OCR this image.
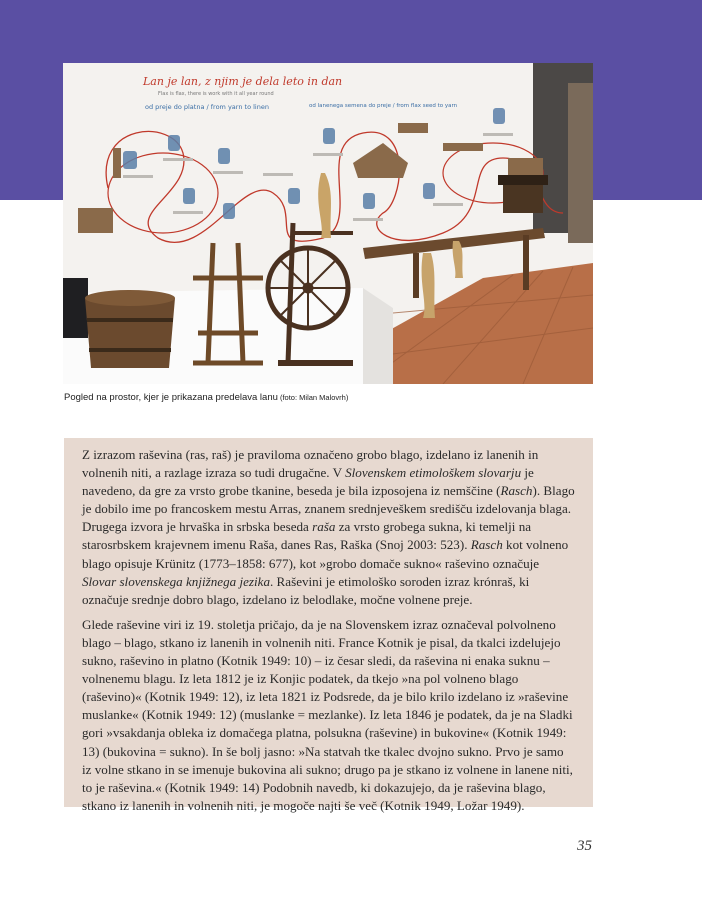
Lan je lan, z njim je dela leto in dan
Flax is flax, there is work with it all year round
od preje do platna / from yarn to linen	od lanenega semena do preje / from flax seed to yarn
Pogled na prostor, kjer je prikazana predelava lanu (foto: Milan Malovrh)

Z izrazom raševina (ras, raš) je praviloma označeno grobo blago, izdelano iz lanenih in volnenih niti, a razlage izraza so tudi drugačne. V Slovenskem etimološkem slovarju je navedeno, da gre za vrsto grobe tkanine, beseda je bila izposojena iz nemščine (Rasch). Blago je dobilo ime po francoskem mestu Arras, znanem srednjeveškem središču izdelovanja blaga. Drugega izvora je hrvaška in srbska beseda raša za vrsto grobega sukna, ki temelji na starosrbskem krajevnem imenu Raša, danes Ras, Raška (Snoj 2003: 523). Rasch kot volneno blago opisuje Krünitz (1773–1858: 677), kot »grobo domače sukno« raševino označuje Slovar slovenskega knjižnega jezika. Raševini je etimološko soroden izraz krónraš, ki označuje srednje dobro blago, izdelano iz belodlake, močne volnene preje.

Glede raševine viri iz 19. stoletja pričajo, da je na Slovenskem izraz označeval polvolneno blago – blago, stkano iz lanenih in volnenih niti. France Kotnik je pisal, da tkalci izdelujejo sukno, raševino in platno (Kotnik 1949: 10) – iz česar sledi, da raševina ni enaka suknu – volnenemu blagu. Iz leta 1812 je iz Konjic podatek, da tkejo »na pol volneno blago (raševino)« (Kotnik 1949: 12), iz leta 1821 iz Podsrede, da je bilo krilo izdelano iz »raševine muslanke« (Kotnik 1949: 12) (muslanke = mezlanke). Iz leta 1846 je podatek, da je na Sladki gori »vsakdanja obleka iz domačega platna, polsukna (raševine) in bukovine« (Kotnik 1949: 13) (bukovina = sukno). In še bolj jasno: »Na statvah tke tkalec dvojno sukno. Prvo je samo iz volne stkano in se imenuje bukovina ali sukno; drugo pa je stkano iz volnene in lanene niti, to je raševina.« (Kotnik 1949: 14) Podobnih navedb, ki dokazujejo, da je raševina blago, stkano iz lanenih in volnenih niti, je mogoče najti še več (Kotnik 1949, Ložar 1949).

35
